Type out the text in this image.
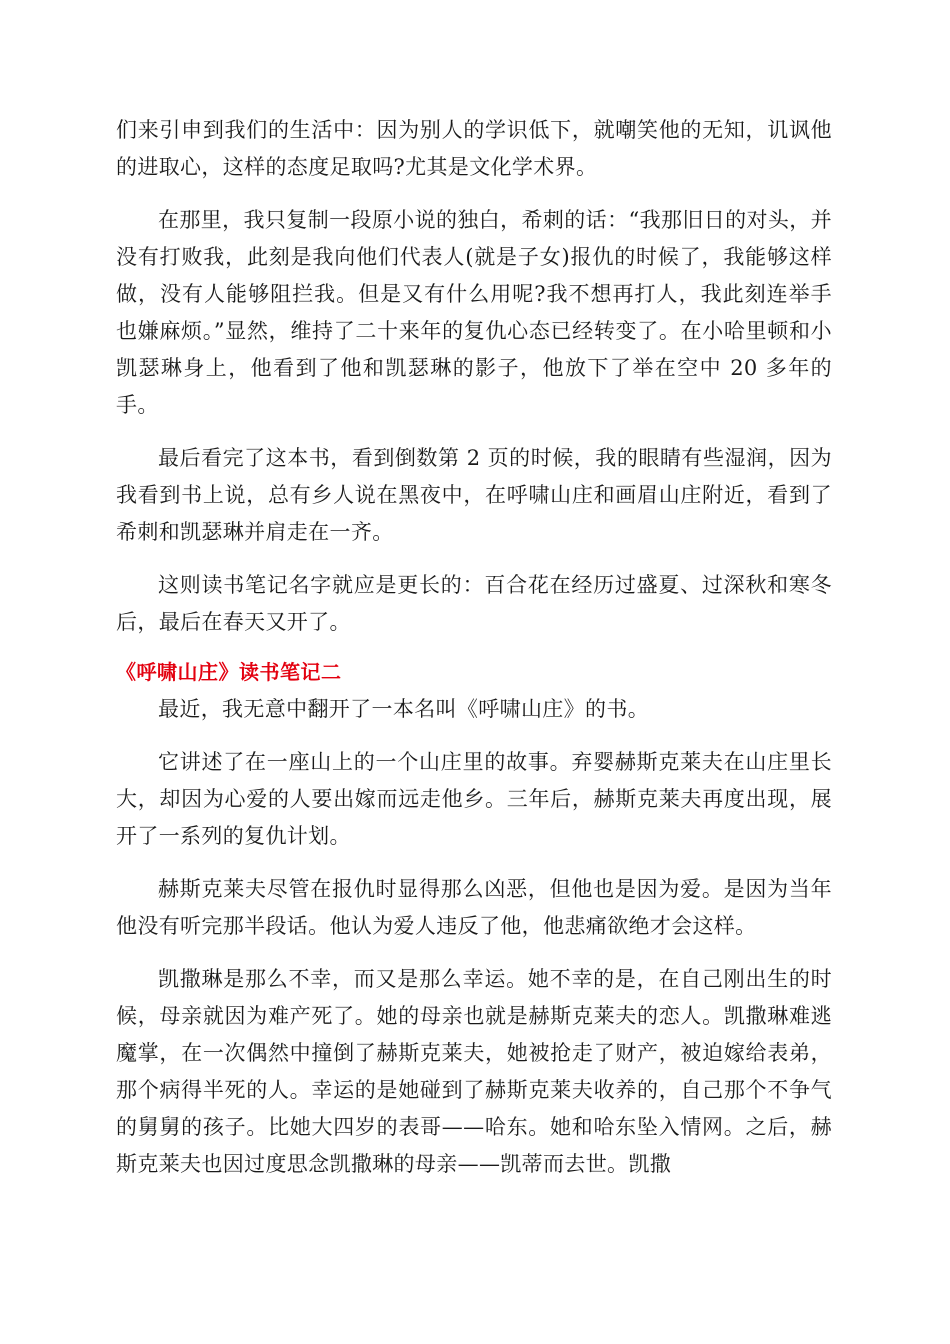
们来引申到我们的生活中：因为别人的学识低下，就嘲笑他的无知，讥讽他的进取心，这样的态度足取吗?尤其是文化学术界。

在那里，我只复制一段原小说的独白，希刺的话：“我那旧日的对头，并没有打败我，此刻是我向他们代表人(就是子女)报仇的时候了，我能够这样做，没有人能够阻拦我。但是又有什么用呢?我不想再打人，我此刻连举手也嫌麻烦。”显然，维持了二十来年的复仇心态已经转变了。在小哈里顿和小凯瑟琳身上，他看到了他和凯瑟琳的影子，他放下了举在空中 20 多年的手。

最后看完了这本书，看到倒数第 2 页的时候，我的眼睛有些湿润，因为我看到书上说，总有乡人说在黑夜中，在呼啸山庄和画眉山庄附近，看到了希刺和凯瑟琳并肩走在一齐。

这则读书笔记名字就应是更长的：百合花在经历过盛夏、过深秋和寒冬后，最后在春天又开了。

《呼啸山庄》读书笔记二

最近，我无意中翻开了一本名叫《呼啸山庄》的书。

它讲述了在一座山上的一个山庄里的故事。弃婴赫斯克莱夫在山庄里长大，却因为心爱的人要出嫁而远走他乡。三年后，赫斯克莱夫再度出现，展开了一系列的复仇计划。

赫斯克莱夫尽管在报仇时显得那么凶恶，但他也是因为爱。是因为当年他没有听完那半段话。他认为爱人违反了他，他悲痛欲绝才会这样。

凯撒琳是那么不幸，而又是那么幸运。她不幸的是，在自己刚出生的时候，母亲就因为难产死了。她的母亲也就是赫斯克莱夫的恋人。凯撒琳难逃魔掌，在一次偶然中撞倒了赫斯克莱夫，她被抢走了财产，被迫嫁给表弟，那个病得半死的人。幸运的是她碰到了赫斯克莱夫收养的，自己那个不争气的舅舅的孩子。比她大四岁的表哥——哈东。她和哈东坠入情网。之后，赫斯克莱夫也因过度思念凯撒琳的母亲——凯蒂而去世。凯撒
